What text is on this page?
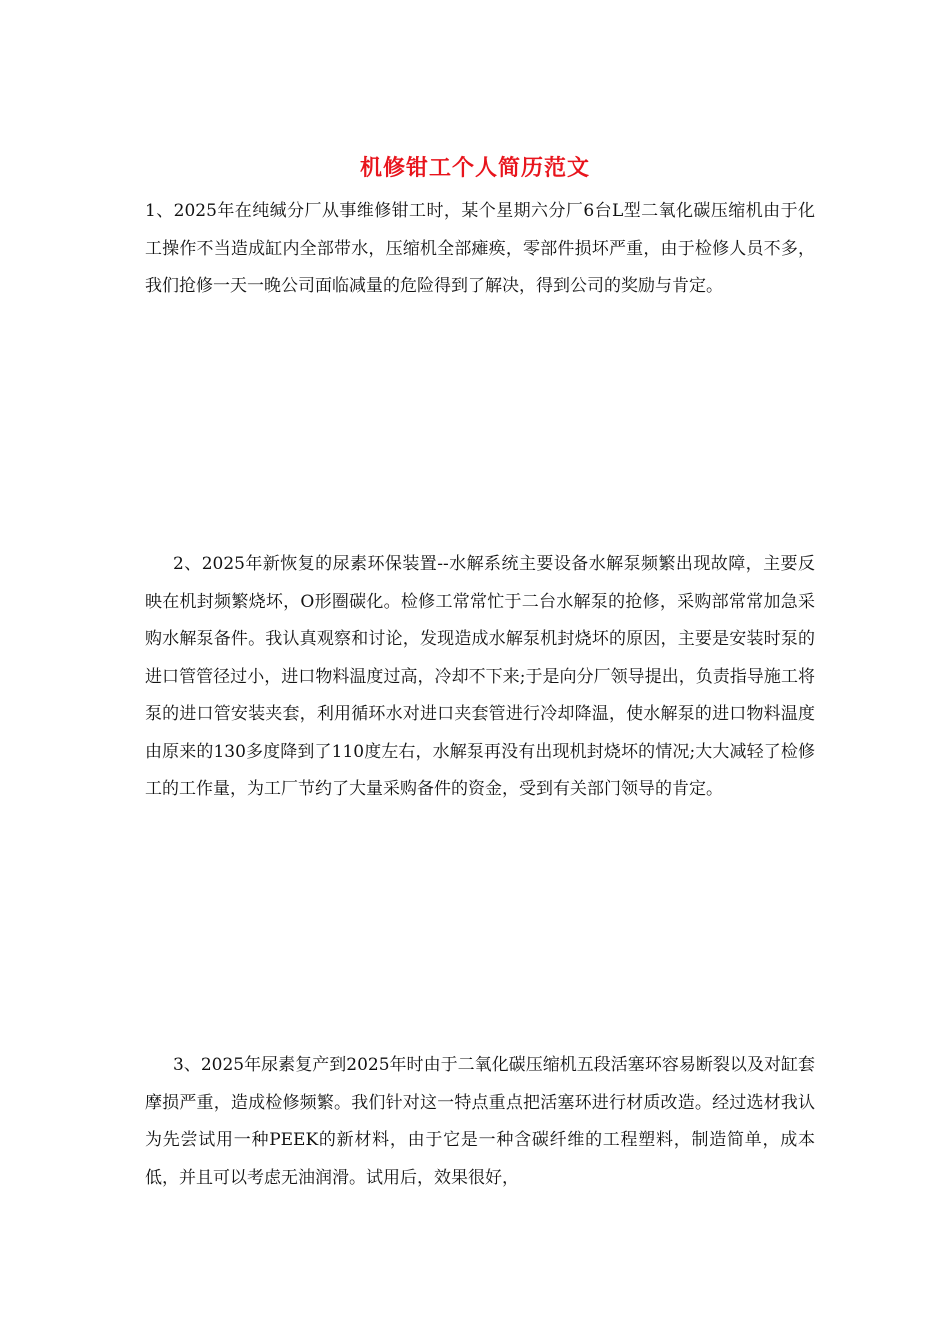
机修钳工个人简历范文

1、2025年在纯缄分厂从事维修钳工时，某个星期六分厂6台L型二氧化碳压缩机由于化工操作不当造成缸内全部带水，压缩机全部瘫痪，零部件损坏严重，由于检修人员不多，我们抢修一天一晚公司面临减量的危险得到了解决，得到公司的奖励与肯定。

2、2025年新恢复的尿素环保装置--水解系统主要设备水解泵频繁出现故障，主要反映在机封频繁烧坏，O形圈碳化。检修工常常忙于二台水解泵的抢修，采购部常常加急采购水解泵备件。我认真观察和讨论，发现造成水解泵机封烧坏的原因，主要是安装时泵的进口管管径过小，进口物料温度过高，冷却不下来;于是向分厂领导提出，负责指导施工将泵的进口管安装夹套，利用循环水对进口夹套管进行冷却降温，使水解泵的进口物料温度由原来的130多度降到了110度左右，水解泵再没有出现机封烧坏的情况;大大减轻了检修工的工作量，为工厂节约了大量采购备件的资金，受到有关部门领导的肯定。

3、2025年尿素复产到2025年时由于二氧化碳压缩机五段活塞环容易断裂以及对缸套摩损严重，造成检修频繁。我们针对这一特点重点把活塞环进行材质改造。经过选材我认为先尝试用一种PEEK的新材料，由于它是一种含碳纤维的工程塑料，制造简单，成本低，并且可以考虑无油润滑。试用后，效果很好，
